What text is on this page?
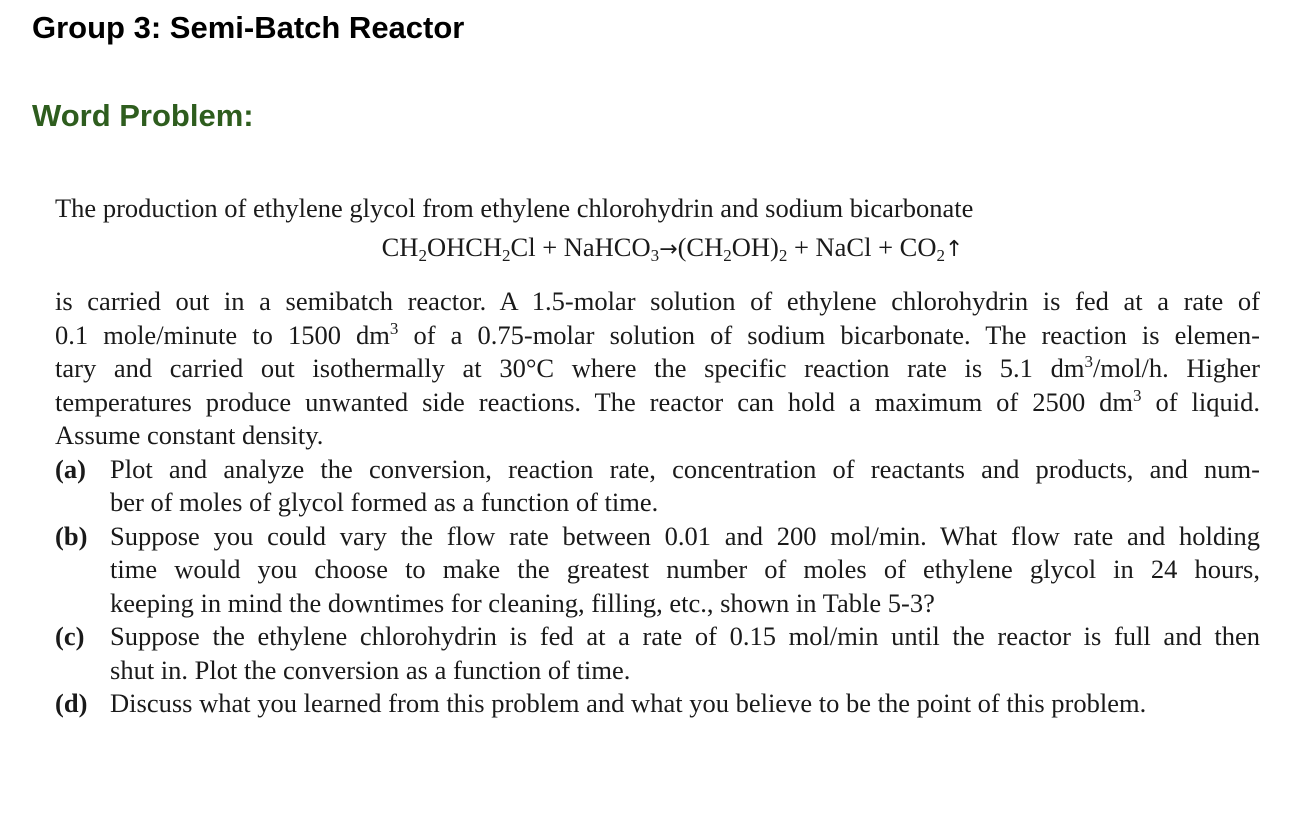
Group 3: Semi-Batch Reactor
Word Problem:

The production of ethylene glycol from ethylene chlorohydrin and sodium bicarbonate

$CH_2OHCH_2Cl$ + $NaHCO_3\to(CH_2OH)_2$ + NaCl + $CO_2↑$

is carried out in a semibatch reactor. A 1.5-molar solution of ethylene chlorohydrin is fed at a rate of

0.1 mole/minute to 1500 $dm^3$ of a 0.75-molar solution of sodium bicarbonate. The reaction is elemen-

tary and carried out isothermally at 30°C where the specific reaction rate is 5.1 $dm^3/mol/h$. Higher

temperatures produce unwanted side reactions. The reactor can hold a maximum of 2500 $dm^3$ of liquid.

Assume constant density.

(a) Plot and analyze the conversion, reaction rate, concentration of reactants and products, and num-

ber of moles of glycol formed as a function of time.

(b) Suppose you could vary the flow rate between 0.01 and 200 mol/min. What flow rate and holding

time would you choose to make the greatest number of moles of ethylene glycol in 24 hours,

keeping in mind the downtimes for cleaning, filling, etc., shown in Table 5-3?

(c) Suppose the ethylene chlorohydrin is fed at a rate of 0.15 mol/min until the reactor is full and then

shut in. Plot the conversion as a function of time.

(d) Discuss what you learned from this problem and what you believe to be the point of this problem.
